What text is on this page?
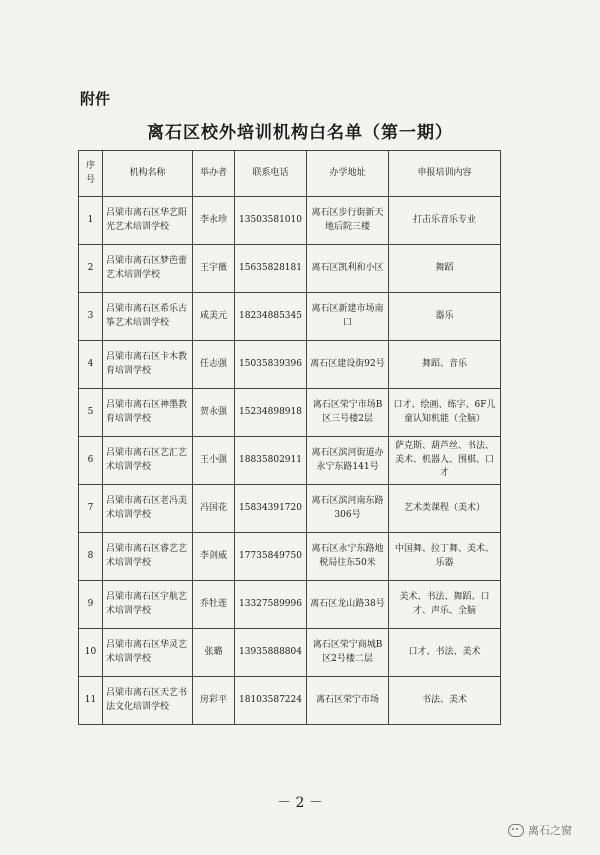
附件
离石区校外培训机构白名单（第一期）
序号	机构名称	举办者	联系电话	办学地址	申报培训内容
1	吕梁市离石区华艺阳光艺术培训学校	李永珍	13503581010	离石区步行街新天地后院三楼	打击乐音乐专业
2	吕梁市离石区梦芭蕾艺术培训学校	王宇薇	15635828181	离石区凯利和小区	舞蹈
3	吕梁市离石区希乐古筝艺术培训学校	咸美元	18234885345	离石区新建市场南口	器乐
4	吕梁市离石区卡木教育培训学校	任志强	15035839396	离石区建设街92号	舞蹈、音乐
5	吕梁市离石区神墨教育培训学校	贺永强	15234898918	离石区荣宁市场B区三号楼2层	口才、绘画、练字、6F儿童认知机能（全脑）
6	吕梁市离石区艺汇艺术培训学校	王小强	18835802911	离石区滨河街道办永宁东路141号	萨克斯、葫芦丝、书法、美术、机器人、围棋、口才
7	吕梁市离石区老冯美术培训学校	冯国花	15834391720	离石区滨河南东路306号	艺术类课程（美术）
8	吕梁市离石区睿艺艺术培训学校	李剑威	17735849750	离石区永宁东路地税局往东50米	中国舞、拉丁舞、美术、乐器
9	吕梁市离石区宇航艺术培训学校	乔牡莲	13327589996	离石区龙山路38号	美术、书法、舞蹈、口才、声乐、全脑
10	吕梁市离石区华灵艺术培训学校	张璐	13935888804	离石区荣宁商城B区2号楼二层	口才、书法、美术
11	吕梁市离石区天艺书法文化培训学校	房彩平	18103587224	离石区荣宁市场	书法、美术
－ 2 －
离石之窗
